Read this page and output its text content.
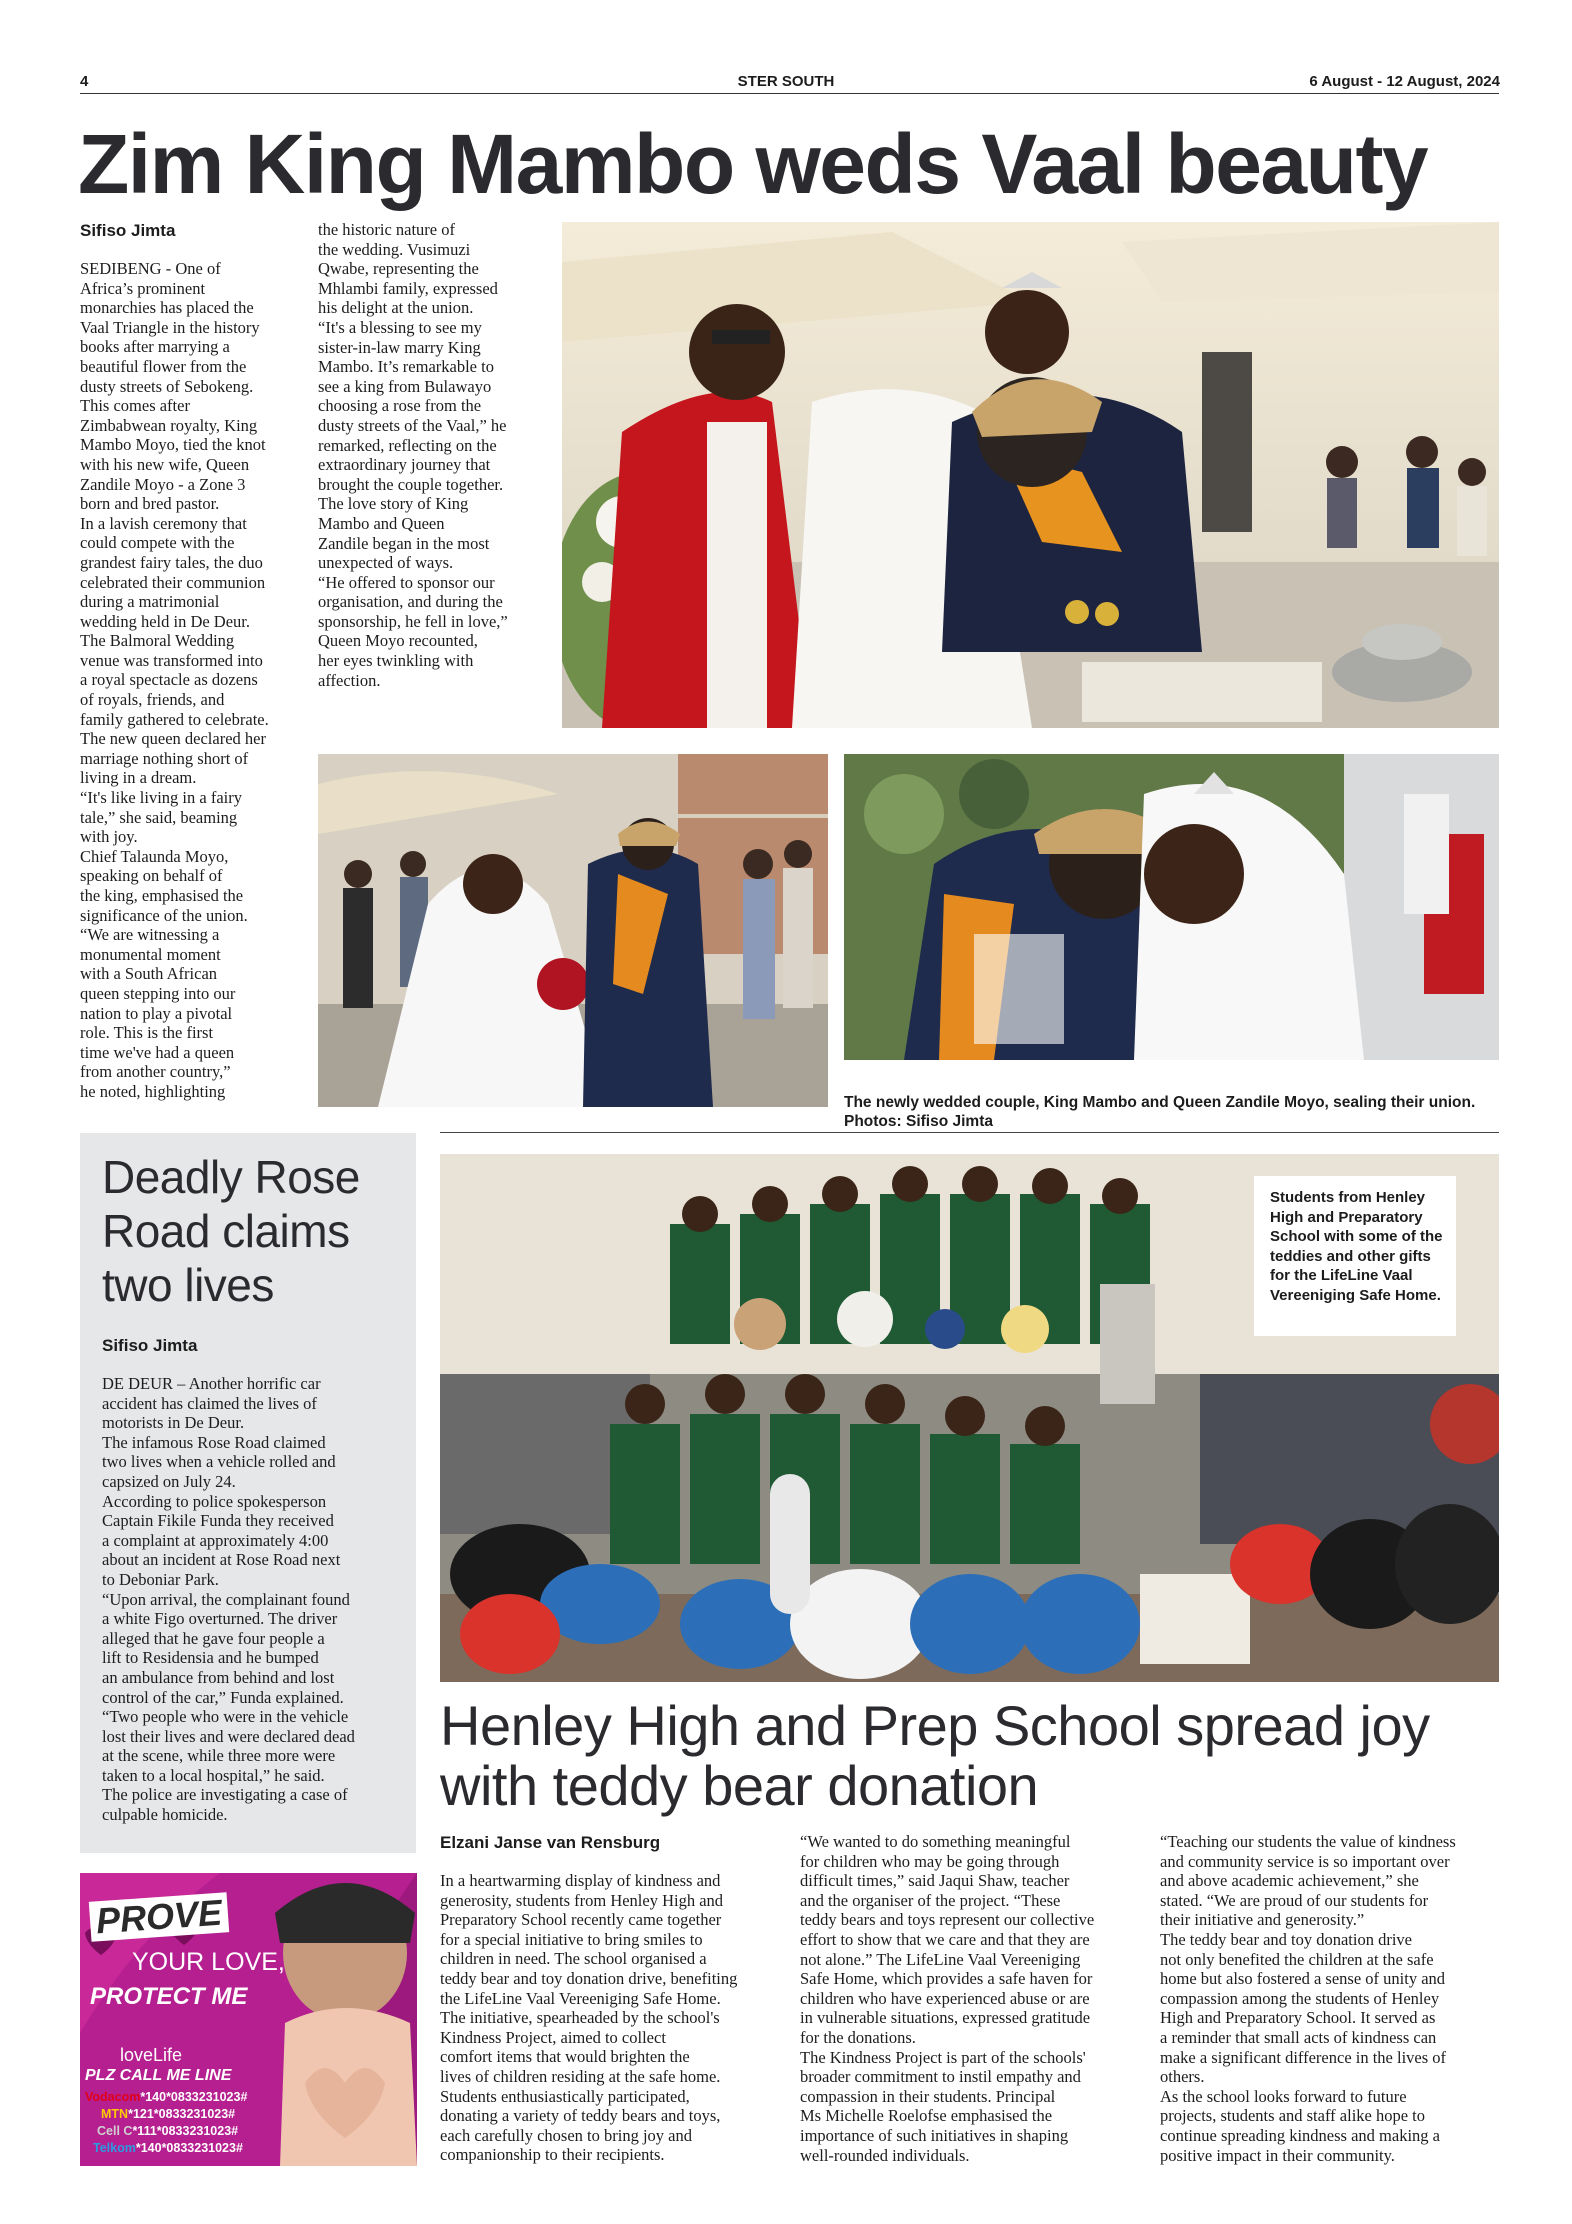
4	STER SOUTH	6 August - 12 August, 2024
Zim King Mambo weds Vaal beauty

Sifiso Jimta

SEDIBENG - One of
Africa’s prominent
monarchies has placed the
Vaal Triangle in the history
books after marrying a
beautiful flower from the
dusty streets of Sebokeng.
This comes after
Zimbabwean royalty, King
Mambo Moyo, tied the knot
with his new wife, Queen
Zandile Moyo - a Zone 3
born and bred pastor.
In a lavish ceremony that
could compete with the
grandest fairy tales, the duo
celebrated their communion
during a matrimonial
wedding held in De Deur.
The Balmoral Wedding
venue was transformed into
a royal spectacle as dozens
of royals, friends, and
family gathered to celebrate.
The new queen declared her
marriage nothing short of
living in a dream.
“It's like living in a fairy
tale,” she said, beaming
with joy.
Chief Talaunda Moyo,
speaking on behalf of
the king, emphasised the
significance of the union.
“We are witnessing a
monumental moment
with a South African
queen stepping into our
nation to play a pivotal
role. This is the first
time we've had a queen
from another country,”
he noted, highlighting

the historic nature of
the wedding. Vusimuzi
Qwabe, representing the
Mhlambi family, expressed
his delight at the union.
“It's a blessing to see my
sister-in-law marry King
Mambo. It’s remarkable to
see a king from Bulawayo
choosing a rose from the
dusty streets of the Vaal,” he
remarked, reflecting on the
extraordinary journey that
brought the couple together.
The love story of King
Mambo and Queen
Zandile began in the most
unexpected of ways.
“He offered to sponsor our
organisation, and during the
sponsorship, he fell in love,”
Queen Moyo recounted,
her eyes twinkling with
affection.

The newly wedded couple, King Mambo and Queen Zandile Moyo, sealing their union. Photos: Sifiso Jimta

Deadly Rose Road claims two lives

Sifiso Jimta

DE DEUR – Another horrific car
accident has claimed the lives of
motorists in De Deur.
The infamous Rose Road claimed
two lives when a vehicle rolled and
capsized on July 24.
According to police spokesperson
Captain Fikile Funda they received
a complaint at approximately 4:00
about an incident at Rose Road next
to Deboniar Park.
“Upon arrival, the complainant found
a white Figo overturned. The driver
alleged that he gave four people a
lift to Residensia and he bumped
an ambulance from behind and lost
control of the car,” Funda explained.
“Two people who were in the vehicle
lost their lives and were declared dead
at the scene, while three more were
taken to a local hospital,” he said.
The police are investigating a case of
culpable homicide.

PROVE
YOUR LOVE,
PROTECT ME
loveLife
PLZ CALL ME LINE
Vodacom*140*0833231023#
MTN*121*0833231023#
Cell C*111*0833231023#
Telkom*140*0833231023#

Students from Henley High and Preparatory School with some of the teddies and other gifts for the LifeLine Vaal Vereeniging Safe Home.

Henley High and Prep School spread joy with teddy bear donation

Elzani Janse van Rensburg

In a heartwarming display of kindness and
generosity, students from Henley High and
Preparatory School recently came together
for a special initiative to bring smiles to
children in need. The school organised a
teddy bear and toy donation drive, benefiting
the LifeLine Vaal Vereeniging Safe Home.
The initiative, spearheaded by the school's
Kindness Project, aimed to collect
comfort items that would brighten the
lives of children residing at the safe home.
Students enthusiastically participated,
donating a variety of teddy bears and toys,
each carefully chosen to bring joy and
companionship to their recipients.

“We wanted to do something meaningful
for children who may be going through
difficult times,” said Jaqui Shaw, teacher
and the organiser of the project. “These
teddy bears and toys represent our collective
effort to show that we care and that they are
not alone.” The LifeLine Vaal Vereeniging
Safe Home, which provides a safe haven for
children who have experienced abuse or are
in vulnerable situations, expressed gratitude
for the donations.
The Kindness Project is part of the schools'
broader commitment to instil empathy and
compassion in their students. Principal
Ms Michelle Roelofse emphasised the
importance of such initiatives in shaping
well-rounded individuals.

“Teaching our students the value of kindness
and community service is so important over
and above academic achievement,” she
stated. “We are proud of our students for
their initiative and generosity.”
The teddy bear and toy donation drive
not only benefited the children at the safe
home but also fostered a sense of unity and
compassion among the students of Henley
High and Preparatory School. It served as
a reminder that small acts of kindness can
make a significant difference in the lives of
others.
As the school looks forward to future
projects, students and staff alike hope to
continue spreading kindness and making a
positive impact in their community.
